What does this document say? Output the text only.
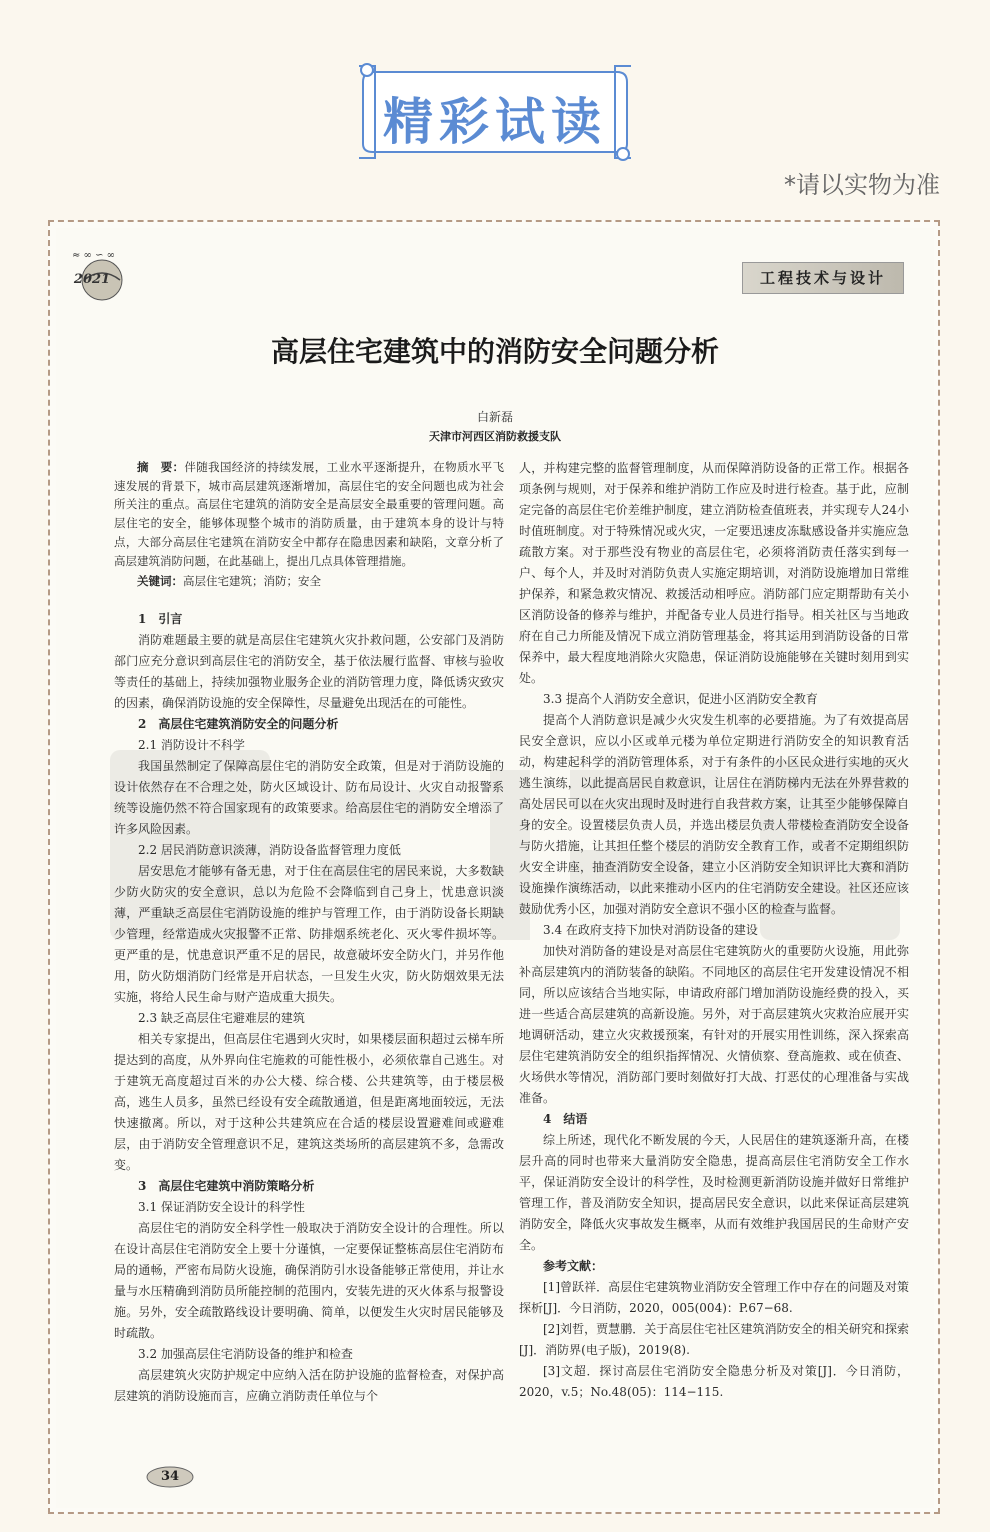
精彩试读
*请以实物为准
≈ ∞ ∽ ∞
2021	工程技术与设计
高层住宅建筑中的消防安全问题分析
白新磊
天津市河西区消防救援支队

摘　要：伴随我国经济的持续发展，工业水平逐渐提升，在物质水平飞速发展的背景下，城市高层建筑逐渐增加，高层住宅的安全问题也成为社会所关注的重点。高层住宅建筑的消防安全是高层安全最重要的管理问题。高层住宅的安全，能够体现整个城市的消防质量，由于建筑本身的设计与特点，大部分高层住宅建筑在消防安全中都存在隐患因素和缺陷，文章分析了高层建筑消防问题，在此基础上，提出几点具体管理措施。

关键词：高层住宅建筑；消防；安全

1　引言

消防难题最主要的就是高层住宅建筑火灾扑救问题，公安部门及消防部门应充分意识到高层住宅的消防安全，基于依法履行监督、审核与验收等责任的基础上，持续加强物业服务企业的消防管理力度，降低诱灾致灾的因素，确保消防设施的安全保障性，尽量避免出现活在的可能性。

2　高层住宅建筑消防安全的问题分析

2.1 消防设计不科学

我国虽然制定了保障高层住宅的消防安全政策，但是对于消防设施的设计依然存在不合理之处，防火区域设计、防布局设计、火灾自动报警系统等设施仍然不符合国家现有的政策要求。给高层住宅的消防安全增添了许多风险因素。

2.2 居民消防意识淡薄，消防设备监督管理力度低

居安思危才能够有备无患，对于住在高层住宅的居民来说，大多数缺少防火防灾的安全意识，总以为危险不会降临到自己身上，忧患意识淡薄，严重缺乏高层住宅消防设施的维护与管理工作，由于消防设备长期缺少管理，经常造成火灾报警不正常、防排烟系统老化、灭火零件损坏等。更严重的是，忧患意识严重不足的居民，故意破坏安全防火门，并另作他用，防火防烟消防门经常是开启状态，一旦发生火灾，防火防烟效果无法实施，将给人民生命与财产造成重大损失。

2.3 缺乏高层住宅避难层的建筑

相关专家提出，但高层住宅遇到火灾时，如果楼层面积超过云梯车所提达到的高度，从外界向住宅施救的可能性极小，必须依靠自己逃生。对于建筑无高度超过百米的办公大楼、综合楼、公共建筑等，由于楼层极高，逃生人员多，虽然已经设有安全疏散通道，但是距离地面较远，无法快速撤离。所以，对于这种公共建筑应在合适的楼层设置避难间或避难层，由于消防安全管理意识不足，建筑这类场所的高层建筑不多，急需改变。

3　高层住宅建筑中消防策略分析

3.1 保证消防安全设计的科学性

高层住宅的消防安全科学性一般取决于消防安全设计的合理性。所以在设计高层住宅消防安全上要十分谨慎，一定要保证整栋高层住宅消防布局的通畅，严密布局防火设施，确保消防引水设备能够正常使用，并让水量与水压精确到消防员所能控制的范围内，安装先进的灭火体系与报警设施。另外，安全疏散路线设计要明确、简单，以便发生火灾时居民能够及时疏散。

3.2 加强高层住宅消防设备的维护和检查

高层建筑火灾防护规定中应纳入活在防护设施的监督检查，对保护高层建筑的消防设施而言，应确立消防责任单位与个

人，并构建完整的监督管理制度，从而保障消防设备的正常工作。根据各项条例与规则，对于保养和维护消防工作应及时进行检查。基于此，应制定完备的高层住宅价差维护制度，建立消防检查值班表，并实现专人24小时值班制度。对于特殊情况或火灾，一定要迅速皮冻駄感设备并实施应急疏散方案。对于那些没有物业的高层住宅，必须将消防责任落实到每一户、每个人，并及时对消防负责人实施定期培训，对消防设施增加日常维护保养，和紧急救灾情况、救援活动相呼应。消防部门应定期帮助有关小区消防设备的修养与维护，并配备专业人员进行指导。相关社区与当地政府在自己力所能及情况下成立消防管理基金，将其运用到消防设备的日常保养中，最大程度地消除火灾隐患，保证消防设施能够在关键时刻用到实处。

3.3 提高个人消防安全意识，促进小区消防安全教育

提高个人消防意识是减少火灾发生机率的必要措施。为了有效提高居民安全意识，应以小区或单元楼为单位定期进行消防安全的知识教育活动，构建起科学的消防管理体系，对于有条件的小区民众进行实地的灭火逃生演练，以此提高居民自救意识，让居住在消防梯内无法在外界营救的高处居民可以在火灾出现时及时进行自我营救方案，让其至少能够保障自身的安全。设置楼层负责人员，并选出楼层负责人带楼检查消防安全设备与防火措施，让其担任整个楼层的消防安全教育工作，或者不定期组织防火安全讲座，抽查消防安全设备，建立小区消防安全知识评比大赛和消防设施操作演练活动，以此来推动小区内的住宅消防安全建设。社区还应该鼓励优秀小区，加强对消防安全意识不强小区的检查与监督。

3.4 在政府支持下加快对消防设备的建设

加快对消防备的建设是对高层住宅建筑防火的重要防火设施，用此弥补高层建筑内的消防装备的缺陷。不同地区的高层住宅开发建设情况不相同，所以应该结合当地实际，申请政府部门增加消防设施经费的投入，买进一些适合高层建筑的高新设施。另外，对于高层建筑火灾救治应展开实地调研活动，建立火灾救援预案，有针对的开展实用性训练，深入探索高层住宅建筑消防安全的组织指挥情况、火情侦察、登高施救、或在侦查、火场供水等情况，消防部门要时刻做好打大战、打恶仗的心理准备与实战准备。

4　结语

综上所述，现代化不断发展的今天，人民居住的建筑逐渐升高，在楼层升高的同时也带来大量消防安全隐患，提高高层住宅消防安全工作水平，保证消防安全设计的科学性，及时检测更新消防设施并做好日常维护管理工作，普及消防安全知识，提高居民安全意识，以此来保证高层建筑消防安全，降低火灾事故发生概率，从而有效维护我国居民的生命财产安全。

参考文献：

[1]曾跃祥．高层住宅建筑物业消防安全管理工作中存在的问题及对策探析[J]．今日消防，2020，005(004)：P.67−68.

[2]刘哲，贾慧鹏．关于高层住宅社区建筑消防安全的相关研究和探索[J]．消防界(电子版)，2019(8).

[3]文超．探讨高层住宅消防安全隐患分析及对策[J]．今日消防，2020，v.5；No.48(05)：114−115.

34
